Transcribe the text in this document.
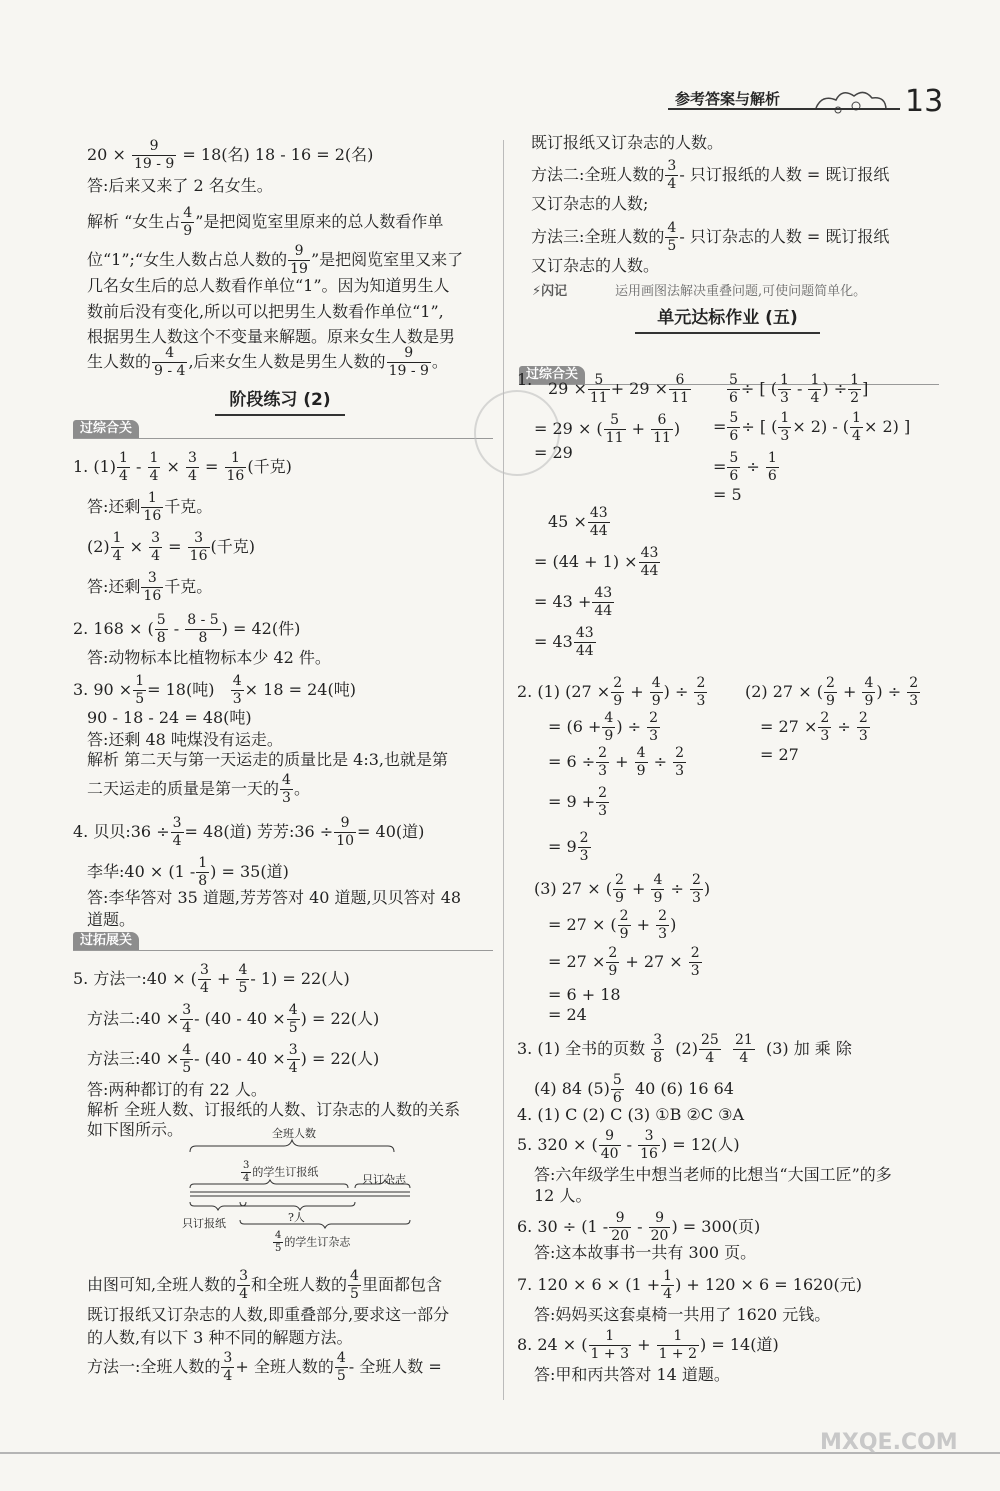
参考答案与解析	13
$20 \times \frac{9}{19 - 9} = 18$(名) 18 - 16 = 2(名)
答:后来又来了 2 名女生。
解析 “女生占 $\frac{4}{9}$ ”是把阅览室里原来的总人数看作单
位“1”;“女生人数占总人数的 $\frac{9}{19}$ ”是把阅览室里又来了
几名女生后的总人数看作单位“1”。因为知道男生人
数前后没有变化,所以可以把男生人数看作单位“1”,
根据男生人数这个不变量来解题。原来女生人数是男
生人数的 $\frac{4}{9 - 4}$ ,后来女生人数是男生人数的 $\frac{9}{19 - 9}$ 。
阶段练习 (2)
过综合关
1. $(1) \frac{1}{4} - \frac{1}{4} \times \frac{3}{4} = \frac{1}{16}$ (千克)
答:还剩 $\frac{1}{16}$ 千克。
$(2) \frac{1}{4} \times \frac{3}{4} = \frac{3}{16}$ (千克)
答:还剩 $\frac{3}{16}$ 千克。
2. 168 × ( $\frac{5}{8} - \frac{8 - 5}{8}$ ) = 42(件)
答:动物标本比植物标本少 42 件。
3. $90 \times \frac{1}{5} = 18$(吨) $\frac{4}{3} \times 18 = 24$(吨)
90 - 18 - 24 = 48(吨)
答:还剩 48 吨煤没有运走。
解析 第二天与第一天运走的质量比是 4:3,也就是第
二天运走的质量是第一天的 $\frac{4}{3}$ 。
4. 贝贝:36 ÷ $\frac{3}{4} = 48$(道) 芳芳:36 ÷ $\frac{9}{10} = 40$(道)
李华:40 × ($1 - \frac{1}{8}$ ) = 35(道)
答:李华答对 35 道题,芳芳答对 40 道题,贝贝答对 48
道题。
过拓展关
5. 方法一:40 × ( $\frac{3}{4} + \frac{4}{5} - 1) = 22$(人)
方法二:40 × $\frac{3}{4} - (40 - 40 \times \frac{4}{5}$ ) = 22(人)
方法三:40 × $\frac{4}{5} - (40 - 40 \times \frac{3}{4}$ ) = 22(人)
答:两种都订的有 22 人。
解析 全班人数、订报纸的人数、订杂志的人数的关系
如下图所示。	全班人数
$\frac{3}{4}$ 的学生订报纸
只订杂志
只订报纸	?人
$\frac{4}{5}$ 的学生订杂志
由图可知,全班人数的 $\frac{3}{4}$ 和全班人数的 $\frac{4}{5}$ 里面都包含
既订报纸又订杂志的人数,即重叠部分,要求这一部分
的人数,有以下 3 种不同的解题方法。
方法一:全班人数的 $\frac{3}{4}$ + 全班人数的 $\frac{4}{5}$ - 全班人数 =
既订报纸又订杂志的人数。
方法二:全班人数的 $\frac{3}{4}$ - 只订报纸的人数 = 既订报纸
又订杂志的人数;
方法三:全班人数的 $\frac{4}{5}$ - 只订杂志的人数 = 既订报纸
又订杂志的人数。
⚡闪记	运用画图法解决重叠问题,可使问题简单化。
单元达标作业 (五)
过综合关
1. $29 \times \frac{5}{11} + 29 \times \frac{6}{11}$
= 29 × ( $\frac{5}{11} + \frac{6}{11}$ )
= 29
$\frac{5}{6}$ ÷ [ ( $\frac{1}{3} - \frac{1}{4}$ ) ÷ $\frac{1}{2}$ ]
= $\frac{5}{6}$ ÷ [ ( $\frac{1}{3} \times 2$) - ( $\frac{1}{4} \times 2$) ]
= $\frac{5}{6} \div \frac{1}{6}$
= 5
$45 \times \frac{43}{44}$
= $(44 + 1) \times \frac{43}{44}$
= $43 + \frac{43}{44}$
= $43 \frac{43}{44}$
2. (1) ($27 \times \frac{2}{9} + \frac{4}{9}$ ) ÷ $\frac{2}{3} (2) 27$ × ( $\frac{2}{9} + \frac{4}{9}$ ) ÷ $\frac{2}{3}$
= ($6 + \frac{4}{9}$ ) ÷ $\frac{2}{3}$	= $27 \times \frac{2}{3} \div \frac{2}{3}$
= $6 \div \frac{2}{3} + \frac{4}{9} \div \frac{2}{3}$	= 27
= $9 + \frac{2}{3}$
= $9 \frac{2}{3}$
(3) 27 × ( $\frac{2}{9} + \frac{4}{9} \div \frac{2}{3}$ )
= 27 × ( $\frac{2}{9} + \frac{2}{3}$ )
= $27 \times \frac{2}{9} + 27 \times \frac{2}{3}$
= 6 + 18
= 24
3. (1) 全书的页数 $\frac{3}{8} (2) \frac{25}{4}$
$\frac{21}{4} (3)$ 加 乘 除
(4) 84 $(5) \frac{5}{6} 40$ (6) 16 64
4. (1) C (2) C (3) ①B ②C ③A
5. 320 × ( $\frac{9}{40} - \frac{3}{16}$ ) = 12(人)
答:六年级学生中想当老师的比想当“大国工匠”的多
12 人。
6. $30 \div (1 - \frac{9}{20} - \frac{9}{20}$ ) = 300(页)
答:这本故事书一共有 300 页。
7. $120 \times 6 \times (1 + \frac{1}{4}$ ) + 120 × 6 = 1620(元)
答:妈妈买这套桌椅一共用了 1620 元钱。
8. 24 × ( $\frac{1}{1 + 3} + \frac{1}{1 + 2}$ ) = 14(道)
答:甲和丙共答对 14 道题。
MXQE.COM
